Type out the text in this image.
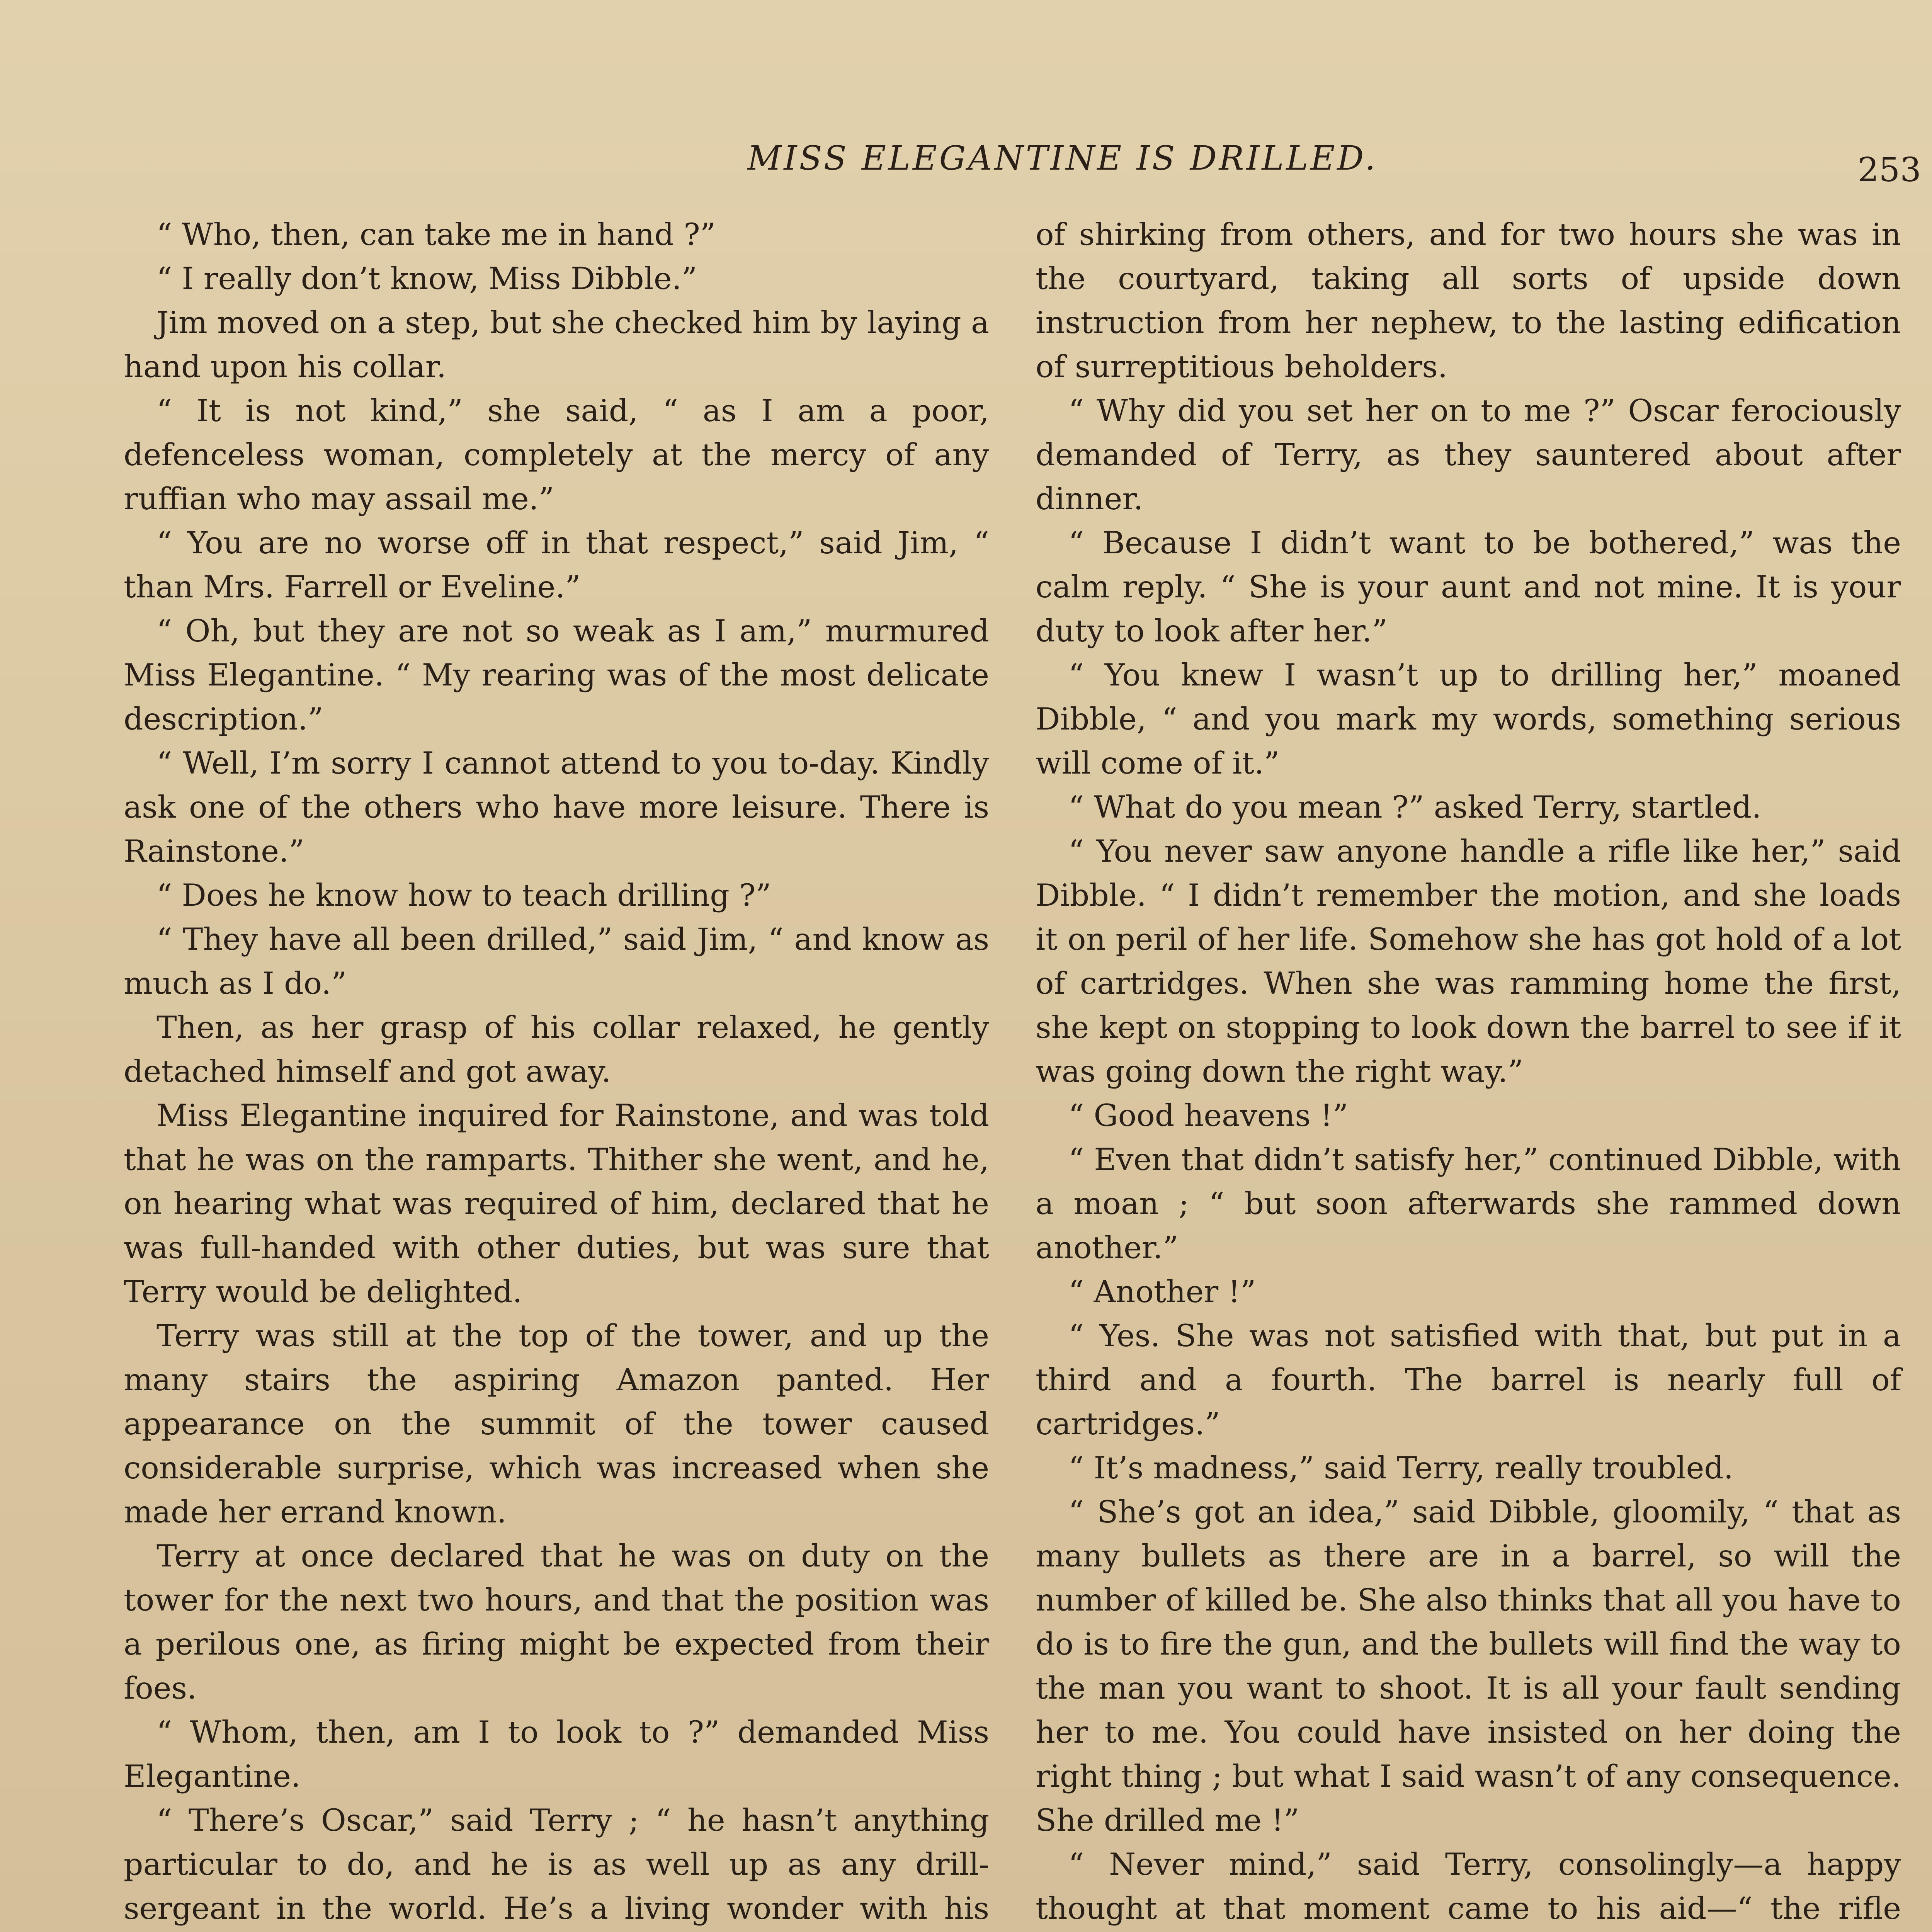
MISS ELEGANTINE IS DRILLED.	253

“ Who, then, can take me in hand ?”

“ I really don’t know, Miss Dibble.”

Jim moved on a step, but she checked him by laying a hand upon his collar.

“ It is not kind,” she said, “ as I am a poor, defenceless woman, completely at the mercy of any ruffian who may assail me.”

“ You are no worse off in that respect,” said Jim, “ than Mrs. Farrell or Eveline.”

“ Oh, but they are not so weak as I am,” murmured Miss Elegantine. “ My rearing was of the most delicate description.”

“ Well, I’m sorry I cannot attend to you to-day. Kindly ask one of the others who have more leisure. There is Rainstone.”

“ Does he know how to teach drilling ?”

“ They have all been drilled,” said Jim, “ and know as much as I do.”

Then, as her grasp of his collar relaxed, he gently detached himself and got away.

Miss Elegantine inquired for Rainstone, and was told that he was on the ramparts. Thither she went, and he, on hearing what was required of him, declared that he was full-handed with other duties, but was sure that Terry would be delighted.

Terry was still at the top of the tower, and up the many stairs the aspiring Amazon panted. Her appearance on the summit of the tower caused considerable surprise, which was increased when she made her errand known.

Terry at once declared that he was on duty on the tower for the next two hours, and that the position was a perilous one, as firing might be expected from their foes.

“ Whom, then, am I to look to ?” demanded Miss Elegantine.

“ There’s Oscar,” said Terry ; “ he hasn’t anything particular to do, and he is as well up as any drill-sergeant in the world. He’s a living wonder with his

of shirking from others, and for two hours she was in the courtyard, taking all sorts of upside down instruction from her nephew, to the lasting edification of surreptitious beholders.

“ Why did you set her on to me ?” Oscar ferociously demanded of Terry, as they sauntered about after dinner.

“ Because I didn’t want to be bothered,” was the calm reply. “ She is your aunt and not mine. It is your duty to look after her.”

“ You knew I wasn’t up to drilling her,” moaned Dibble, “ and you mark my words, something serious will come of it.”

“ What do you mean ?” asked Terry, startled.

“ You never saw anyone handle a rifle like her,” said Dibble. “ I didn’t remember the motion, and she loads it on peril of her life. Somehow she has got hold of a lot of cartridges. When she was ramming home the first, she kept on stopping to look down the barrel to see if it was going down the right way.”

“ Good heavens !”

“ Even that didn’t satisfy her,” continued Dibble, with a moan ; “ but soon afterwards she rammed down another.”

“ Another !”

“ Yes. She was not satisfied with that, but put in a third and a fourth. The barrel is nearly full of cartridges.”

“ It’s madness,” said Terry, really troubled.

“ She’s got an idea,” said Dibble, gloomily, “ that as many bullets as there are in a barrel, so will the number of killed be. She also thinks that all you have to do is to fire the gun, and the bullets will find the way to the man you want to shoot. It is all your fault sending her to me. You could have insisted on her doing the right thing ; but what I said wasn’t of any consequence. She drilled me !”

“ Never mind,” said Terry, consolingly—a happy thought at that moment came to his aid—“ the rifle
